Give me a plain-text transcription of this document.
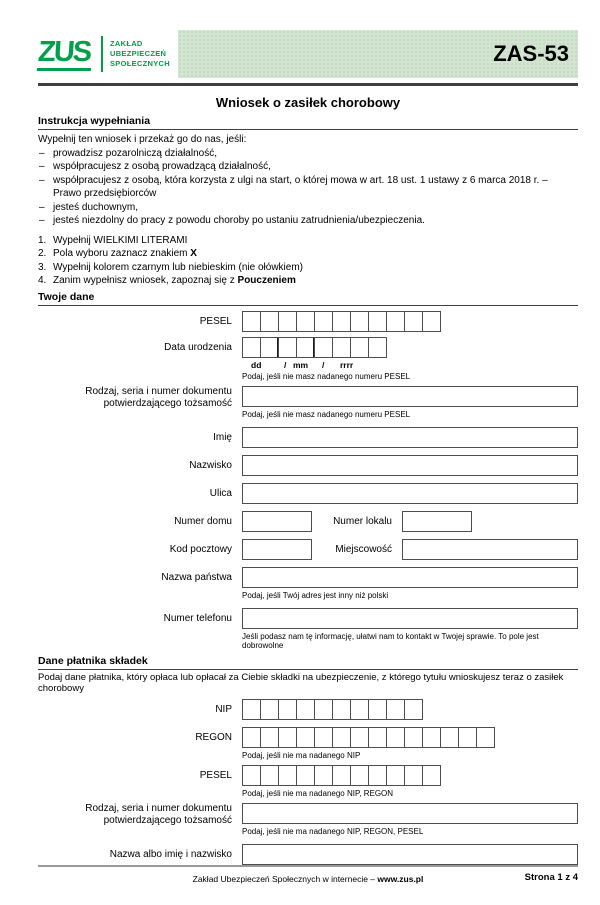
ZUS ZAKŁAD
UBEZPIECZEŃ
SPOŁECZNYCH	ZAS-53
Wniosek o zasiłek chorobowy
Instrukcja wypełniania
Wypełnij ten wniosek i przekaż go do nas, jeśli:
– prowadzisz pozarolniczą działalność,
– współpracujesz z osobą prowadzącą działalność,
– współpracujesz z osobą, która korzysta z ulgi na start, o której mowa w art. 18 ust. 1 ustawy z 6 marca 2018 r. – Prawo przedsiębiorców
– jesteś duchownym,
– jesteś niezdolny do pracy z powodu choroby po ustaniu zatrudnienia/ubezpieczenia.
1. Wypełnij WIELKIMI LITERAMI
2. Pola wyboru zaznacz znakiem X
3. Wypełnij kolorem czarnym lub niebieskim (nie ołówkiem)
4. Zanim wypełnisz wniosek, zapoznaj się z Pouczeniem
Twoje dane
PESEL
Data urodzenia
dd	/ mm / rrrr
Podaj, jeśli nie masz nadanego numeru PESEL
Rodzaj, seria i numer dokumentu potwierdzającego tożsamość
Podaj, jeśli nie masz nadanego numeru PESEL
Imię
Nazwisko
Ulica
Numer domu	Numer lokalu
Kod pocztowy	Miejscowość
Nazwa państwa
Podaj, jeśli Twój adres jest inny niż polski
Numer telefonu
Jeśli podasz nam tę informację, ułatwi nam to kontakt w Twojej sprawie. To pole jest dobrowolne
Dane płatnika składek
Podaj dane płatnika, który opłaca lub opłacał za Ciebie składki na ubezpieczenie, z którego tytułu wnioskujesz teraz o zasiłek chorobowy
NIP
REGON
Podaj, jeśli nie ma nadanego NIP
PESEL
Podaj, jeśli nie ma nadanego NIP, REGON
Rodzaj, seria i numer dokumentu potwierdzającego tożsamość
Podaj, jeśli nie ma nadanego NIP, REGON, PESEL
Nazwa albo imię i nazwisko
Zakład Ubezpieczeń Społecznych w internecie – www.zus.pl	Strona 1 z 4
